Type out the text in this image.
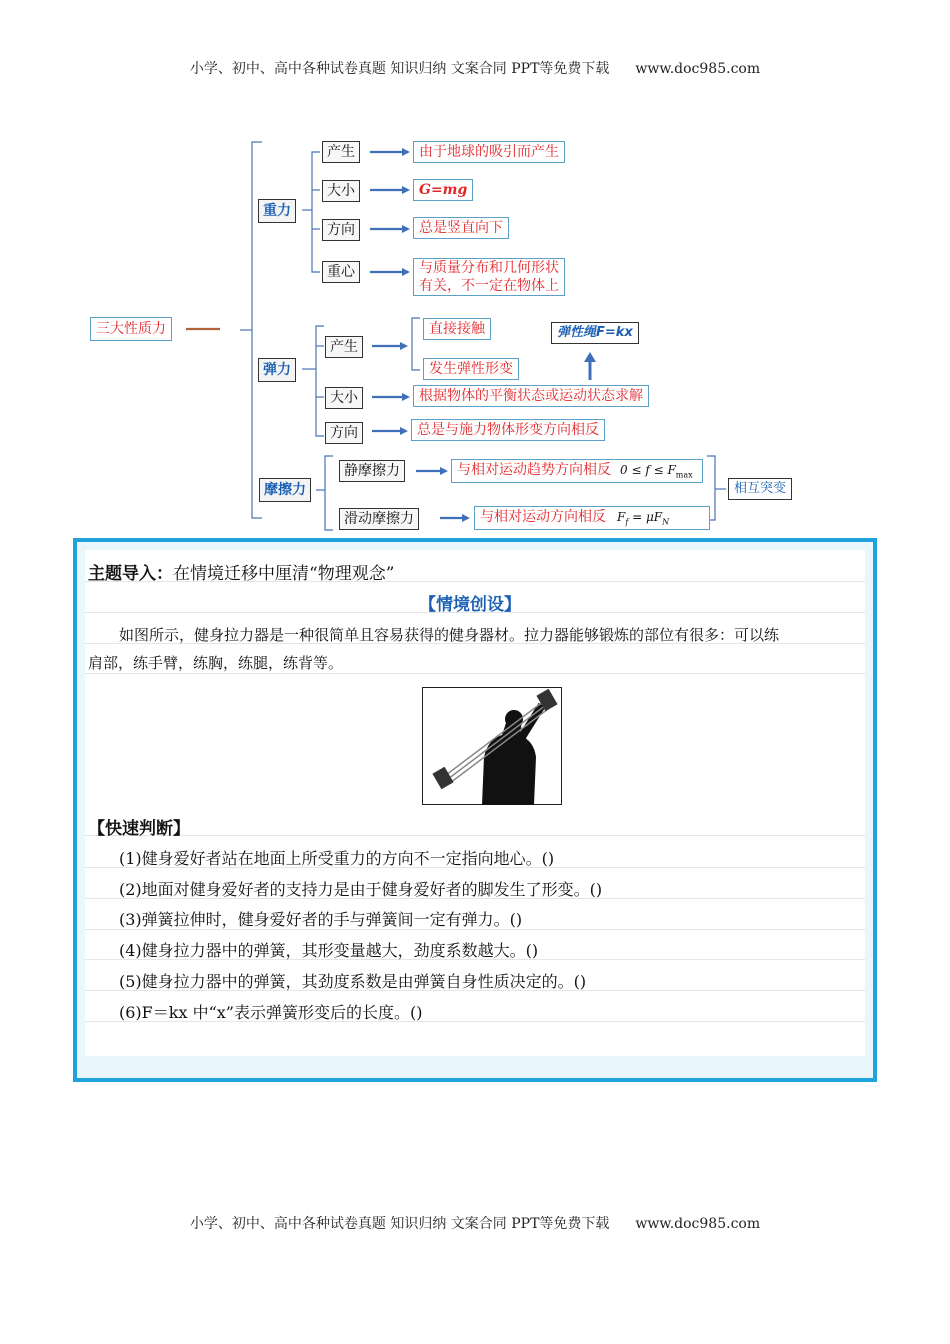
小学、初中、高中各种试卷真题 知识归纳 文案合同 PPT等免费下载 www.doc985.com
三大性质力
重力
产生	由于地球的吸引而产生
大小	G=mg
方向	总是竖直向下
重心	与质量分布和几何形状
有关，不一定在物体上
弹力
产生
直接接触
发生弹性形变
弹性绳F=kx
大小	根据物体的平衡状态或运动状态求解
方向	总是与施力物体形变方向相反
摩擦力
静摩擦力	与相对运动趋势方向相反 $0 \le f \le F_{max}$
滑动摩擦力	与相对运动方向相反 $F_f = \mu F_N$
相互突变
主题导入：在情境迁移中厘清“物理观念”
【情境创设】
如图所示，健身拉力器是一种很简单且容易获得的健身器材。拉力器能够锻炼的部位有很多：可以练
肩部，练手臂，练胸，练腿，练背等。
【快速判断】
(1)健身爱好者站在地面上所受重力的方向不一定指向地心。()
(2)地面对健身爱好者的支持力是由于健身爱好者的脚发生了形变。()
(3)弹簧拉伸时，健身爱好者的手与弹簧间一定有弹力。()
(4)健身拉力器中的弹簧，其形变量越大，劲度系数越大。()
(5)健身拉力器中的弹簧，其劲度系数是由弹簧自身性质决定的。()
(6)F＝kx 中“x”表示弹簧形变后的长度。()
小学、初中、高中各种试卷真题 知识归纳 文案合同 PPT等免费下载 www.doc985.com
